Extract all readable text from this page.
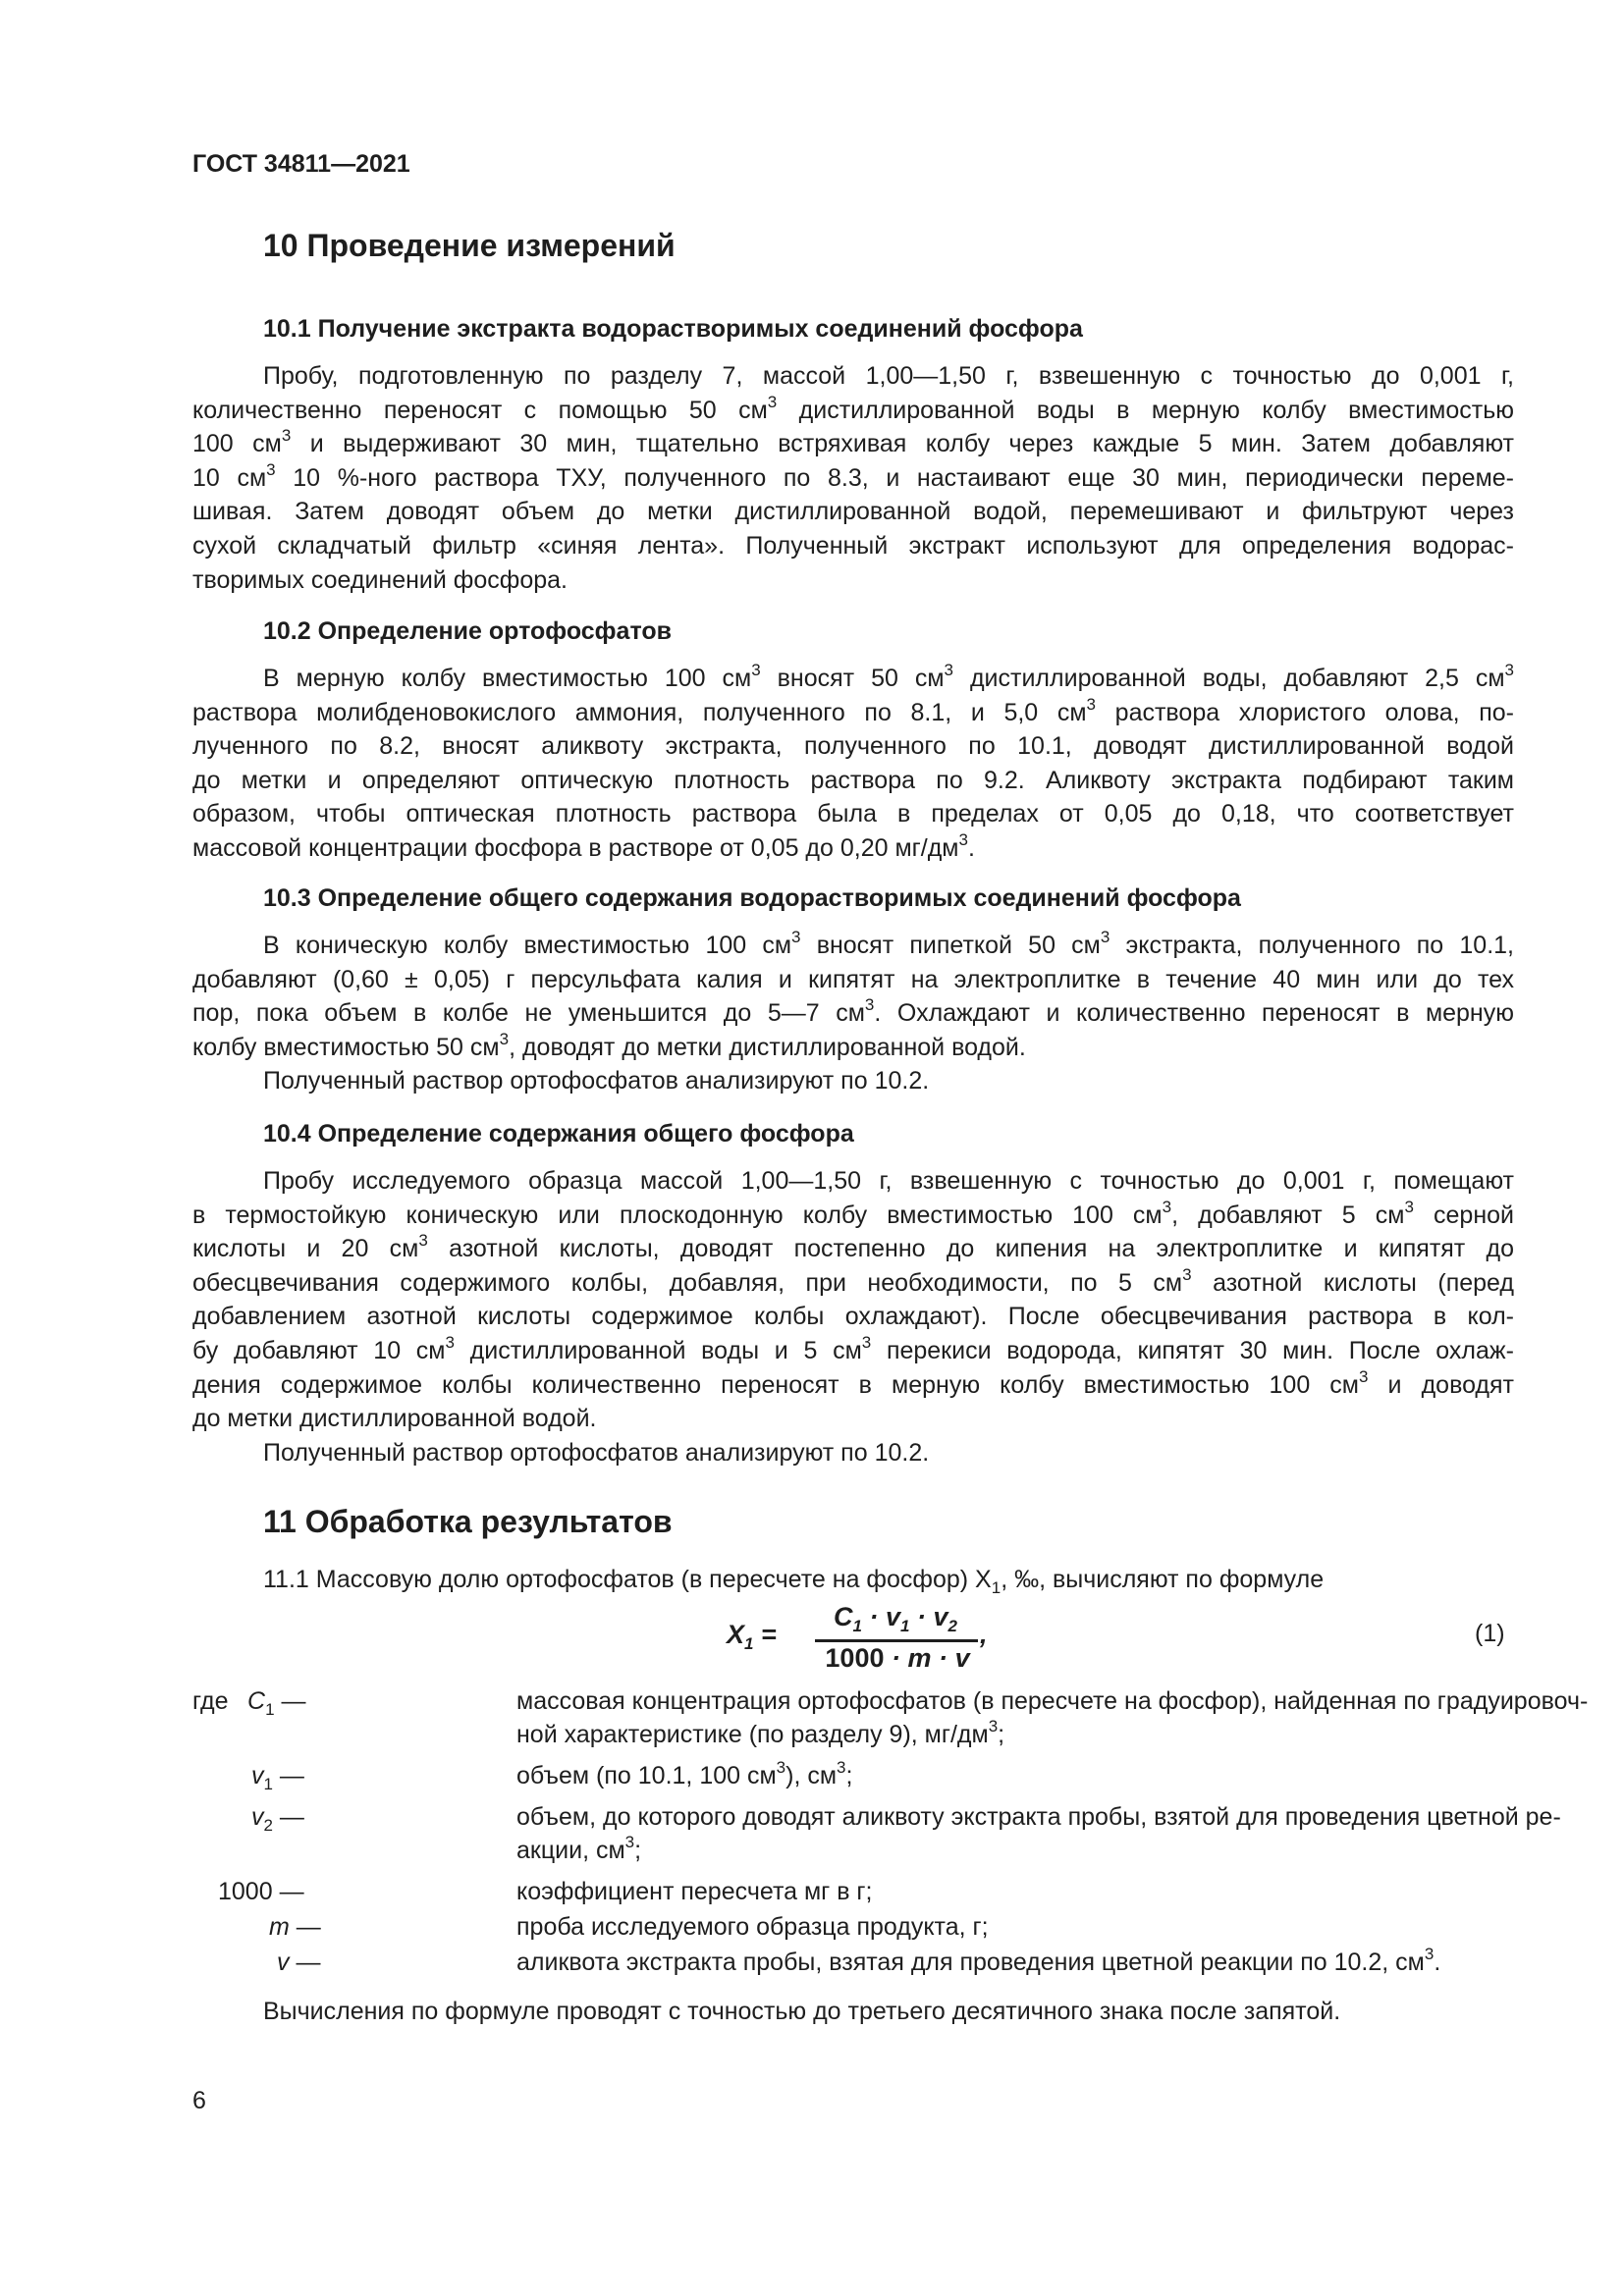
ГОСТ 34811—2021
10 Проведение измерений
10.1 Получение экстракта водорастворимых соединений фосфора
Пробу, подготовленную по разделу 7, массой 1,00—1,50 г, взвешенную с точностью до 0,001 г,
количественно переносят с помощью 50 $см^3$ дистиллированной воды в мерную колбу вместимостью
100 $см^3$ и выдерживают 30 мин, тщательно встряхивая колбу через каждые 5 мин. Затем добавляют
10 $см^3$ 10 %-ного раствора ТХУ, полученного по 8.3, и настаивают еще 30 мин, периодически переме-
шивая. Затем доводят объем до метки дистиллированной водой, перемешивают и фильтруют через
сухой складчатый фильтр «синяя лента». Полученный экстракт используют для определения водорас-
творимых соединений фосфора.
10.2 Определение ортофосфатов
В мерную колбу вместимостью 100 $см^3$ вносят 50 $см^3$ дистиллированной воды, добавляют 2,5 $см^3$
раствора молибденовокислого аммония, полученного по 8.1, и 5,0 $см^3$ раствора хлористого олова, по-
лученного по 8.2, вносят аликвоту экстракта, полученного по 10.1, доводят дистиллированной водой
до метки и определяют оптическую плотность раствора по 9.2. Аликвоту экстракта подбирают таким
образом, чтобы оптическая плотность раствора была в пределах от 0,05 до 0,18, что соответствует
массовой концентрации фосфора в растворе от 0,05 до 0,20 $мг/дм^3$.
10.3 Определение общего содержания водорастворимых соединений фосфора
В коническую колбу вместимостью 100 $см^3$ вносят пипеткой 50 $см^3$ экстракта, полученного по 10.1,
добавляют (0,60 ± 0,05) г персульфата калия и кипятят на электроплитке в течение 40 мин или до тех
пор, пока объем в колбе не уменьшится до 5—7 $см^3$. Охлаждают и количественно переносят в мерную
колбу вместимостью 50 $см^3$, доводят до метки дистиллированной водой.
Полученный раствор ортофосфатов анализируют по 10.2.
10.4 Определение содержания общего фосфора
Пробу исследуемого образца массой 1,00—1,50 г, взвешенную с точностью до 0,001 г, помещают
в термостойкую коническую или плоскодонную колбу вместимостью 100 $см^3$, добавляют 5 $см^3$ серной
кислоты и 20 $см^3$ азотной кислоты, доводят постепенно до кипения на электроплитке и кипятят до
обесцвечивания содержимого колбы, добавляя, при необходимости, по 5 $см^3$ азотной кислоты (перед
добавлением азотной кислоты содержимое колбы охлаждают). После обесцвечивания раствора в кол-
бу добавляют 10 $см^3$ дистиллированной воды и 5 $см^3$ перекиси водорода, кипятят 30 мин. После охлаж-
дения содержимое колбы количественно переносят в мерную колбу вместимостью 100 $см^3$ и доводят
до метки дистиллированной водой.
Полученный раствор ортофосфатов анализируют по 10.2.
11 Обработка результатов
11.1 Массовую долю ортофосфатов (в пересчете на фосфор) $X_1$, ‰, вычисляют по формуле
$X_1$ =
$C_1 \cdot v_1 \cdot v_2$
1000 · m · v
,	(1)
где $C_1$ —	массовая концентрация ортофосфатов (в пересчете на фосфор), найденная по градуировоч-
ной характеристике (по разделу 9), $мг/дм^3$;
$v_1$ —	объем (по 10.1, 100 $см^3$), $см^3$;
$v_2$ —	объем, до которого доводят аликвоту экстракта пробы, взятой для проведения цветной ре-
акции, $см^3$;
1000 —	коэффициент пересчета мг в г;
m —	проба исследуемого образца продукта, г;
v —	аликвота экстракта пробы, взятая для проведения цветной реакции по 10.2, $см^3$.
Вычисления по формуле проводят с точностью до третьего десятичного знака после запятой.
6
